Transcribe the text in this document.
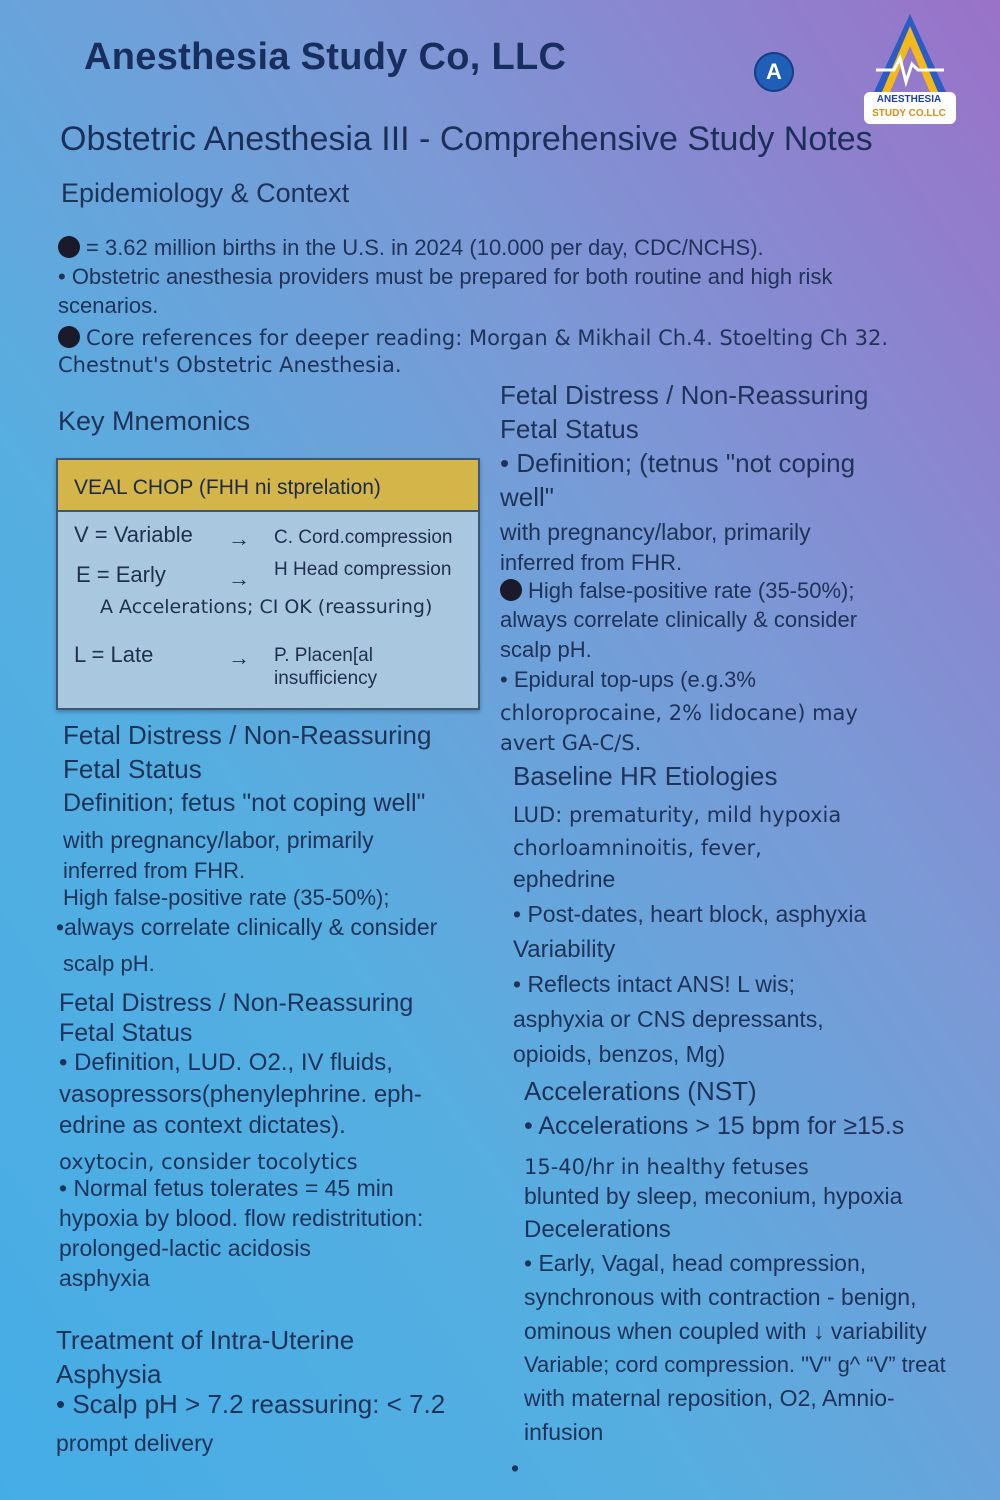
Anesthesia Study Co, LLC	A
ANESTHESIA
STUDY CO.LLC
Obstetric Anesthesia III - Comprehensive Study Notes
Epidemiology & Context
= 3.62 million births in the U.S. in 2024 (10.000 per day, CDC/NCHS).
• Obstetric anesthesia providers must be prepared for both routine and high risk
scenarios.
Core references for deeper reading: Morgan & Mikhail Ch.4. Stoelting Ch 32.
Chestnut's Obstetric Anesthesia.
Key Mnemonics
VEAL CHOP (FHH ni stprelation)
V = Variable → C. Cord.compression
E = Early	→ H Head compression
A Accelerations; CI OK (reassuring)
L = Late	→ P. Placen[al
insufficiency
Fetal Distress / Non-Reassuring
Fetal Status
Definition; fetus "not coping well"
with pregnancy/labor, primarily
inferred from FHR.
High false-positive rate (35-50%);
•always correlate clinically & consider
scalp pH.
Fetal Distress / Non-Reassuring
Fetal Status
• Definition, LUD. O2., IV fluids,
vasopressors(phenylephrine. eph-
edrine as context dictates).
oxytocin, consider tocolytics
• Normal fetus tolerates = 45 min
hypoxia by blood. flow redistritution:
prolonged-lactic acidosis
asphyxia
Treatment of Intra-Uterine
Asphysia
• Scalp pH > 7.2 reassuring: < 7.2
prompt delivery
Fetal Distress / Non-Reassuring
Fetal Status
• Definition; (tetnus "not coping
well"
with pregnancy/labor, primarily
inferred from FHR.
High false-positive rate (35-50%);
always correlate clinically & consider
scalp pH.
• Epidural top-ups (e.g.3%
chloroprocaine, 2% lidocane) may
avert GA-C/S.
Baseline HR Etiologies
LUD: prematurity, mild hypoxia
chorloamninoitis, fever,
ephedrine
• Post-dates, heart block, asphyxia
Variability
• Reflects intact ANS! L wis;
asphyxia or CNS depressants,
opioids, benzos, Mg)
Accelerations (NST)
• Accelerations > 15 bpm for ≥15.s
15-40/hr in healthy fetuses
blunted by sleep, meconium, hypoxia
Decelerations
• Early, Vagal, head compression,
synchronous with contraction - benign,
ominous when coupled with ↓ variability
Variable; cord compression. "V" g^ “V” treat
with maternal reposition, O2, Amnio-
infusion
•
